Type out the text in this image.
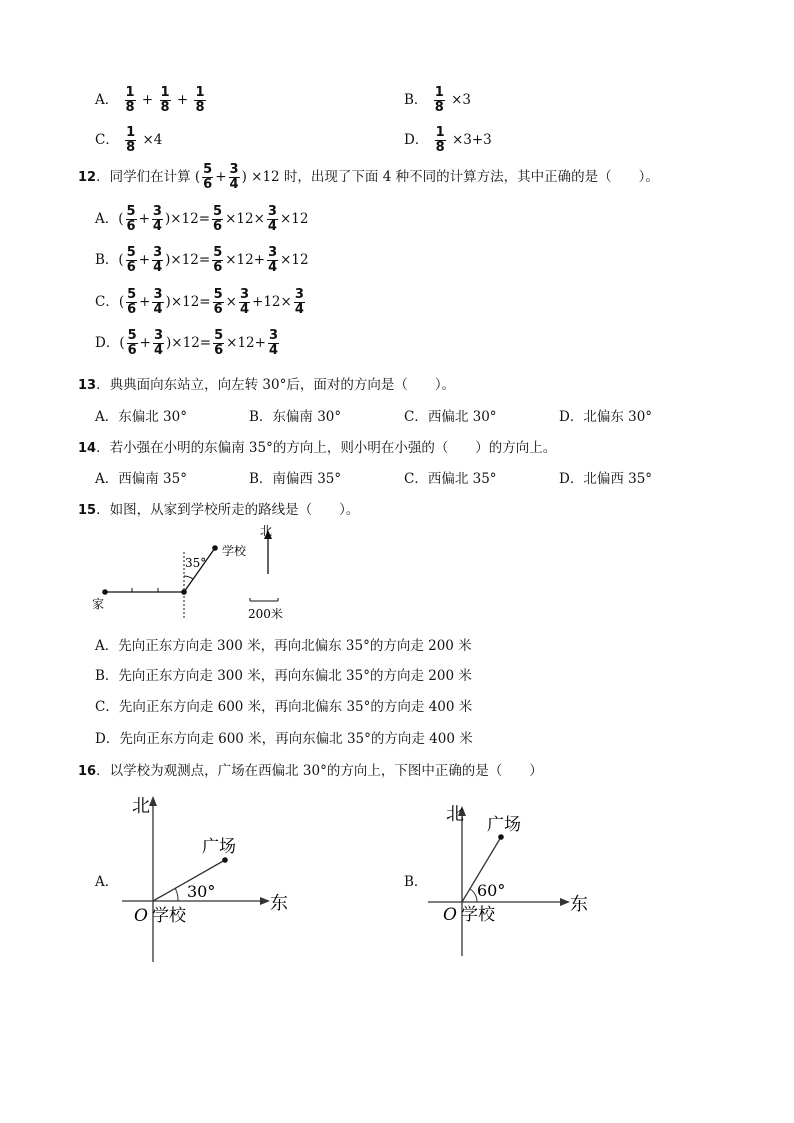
A． $\frac{1}{8} + \frac{1}{8} + \frac{1}{8}$	B． $\frac{1}{8} \times 3$
C． $\frac{1}{8} \times 4$	D． $\frac{1}{8} \times 3+3$
12．同学们在计算 ( $\frac{5}{6} + \frac{3}{4}$ ) ×12 时，出现了下面 4 种不同的计算方法，其中正确的是（　　）。
A．( $\frac{5}{6} + \frac{3}{4} )\times 12= \frac{5}{6} \times 12\times \frac{3}{4} \times 12$
B．( $\frac{5}{6} + \frac{3}{4} )\times 12= \frac{5}{6} \times 12+ \frac{3}{4} \times 12$
C．( $\frac{5}{6} + \frac{3}{4} )\times 12= \frac{5}{6} \times \frac{3}{4} +12\times \frac{3}{4}$
D．( $\frac{5}{6} + \frac{3}{4} )\times 12= \frac{5}{6} \times 12+ \frac{3}{4}$
13．典典面向东站立，向左转 30°后，面对的方向是（　　）。
A．东偏北 30°	B．东偏南 30°	C．西偏北 30°	D．北偏东 30°
14．若小强在小明的东偏南 35°的方向上，则小明在小强的（　　）的方向上。
A．西偏南 35°	B．南偏西 35°	C．西偏北 35°	D．北偏西 35°
15．如图，从家到学校所走的路线是（　　）。
35°
学校
家
北
200米
A．先向正东方向走 300 米，再向北偏东 35°的方向走 200 米
B．先向正东方向走 300 米，再向东偏北 35°的方向走 200 米
C．先向正东方向走 600 米，再向北偏东 35°的方向走 400 米
D．先向正东方向走 600 米，再向东偏北 35°的方向走 400 米
16．以学校为观测点，广场在西偏北 30°的方向上，下图中正确的是（　　）
A．
北
东
O 学校
广场
30°	B．
北
东
O 学校
广场
60°
